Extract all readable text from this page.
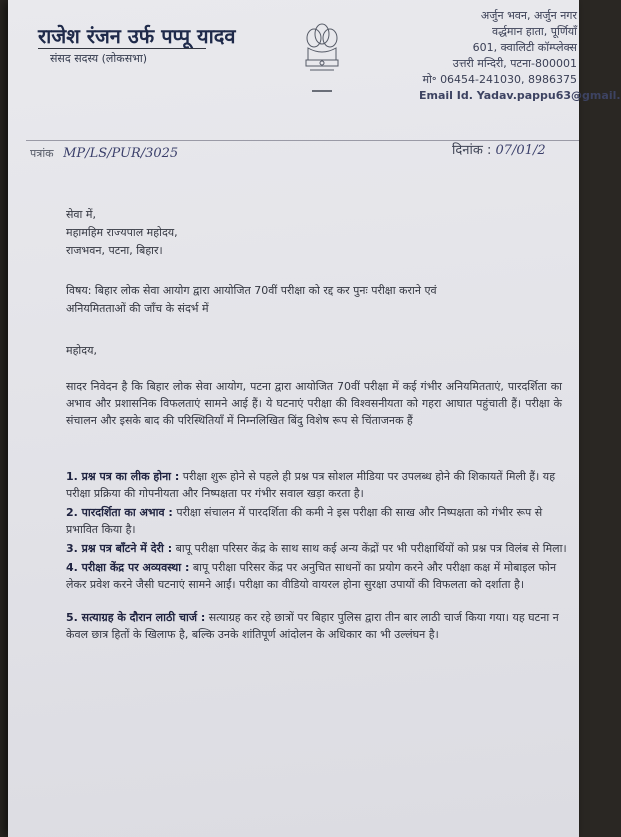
राजेश रंजन उर्फ पप्पू यादव
संसद सदस्य (लोकसभा)
अर्जुन भवन, अर्जुन नगर
वर्द्धमान हाता, पूर्णियाँ
601, क्वालिटी कॉम्प्लेक्स
उत्तरी मन्दिरी, पटना-800001
मो॰ 06454-241030, 8986375
Email Id. Yadav.pappu63@gmail.
पत्रांक MP/LS/PUR/3025	दिनांक : 07/01/2
सेवा में,
महामहिम राज्यपाल महोदय,
राजभवन, पटना, बिहार।
विषय: बिहार लोक सेवा आयोग द्वारा आयोजित 70वीं परीक्षा को रद्द कर पुनः परीक्षा कराने एवं
अनियमितताओं की जाँच के संदर्भ में
महोदय,
सादर निवेदन है कि बिहार लोक सेवा आयोग, पटना द्वारा आयोजित 70वीं परीक्षा में कई गंभीर अनियमितताएं, पारदर्शिता का अभाव और प्रशासनिक विफलताएं सामने आई हैं। ये घटनाएं परीक्षा की विश्वसनीयता को गहरा आघात पहुंचाती हैं। परीक्षा के संचालन और इसके बाद की परिस्थितियाँ में निम्नलिखित बिंदु विशेष रूप से चिंताजनक हैं
1. प्रश्न पत्र का लीक होना : परीक्षा शुरू होने से पहले ही प्रश्न पत्र सोशल मीडिया पर उपलब्ध होने की शिकायतें मिली हैं। यह परीक्षा प्रक्रिया की गोपनीयता और निष्पक्षता पर गंभीर सवाल खड़ा करता है।
2. पारदर्शिता का अभाव : परीक्षा संचालन में पारदर्शिता की कमी ने इस परीक्षा की साख और निष्पक्षता को गंभीर रूप से प्रभावित किया है।
3. प्रश्न पत्र बाँटने में देरी : बापू परीक्षा परिसर केंद्र के साथ साथ कई अन्य केंद्रों पर भी परीक्षार्थियों को प्रश्न पत्र विलंब से मिला।
4. परीक्षा केंद्र पर अव्यवस्था : बापू परीक्षा परिसर केंद्र पर अनुचित साधनों का प्रयोग करने और परीक्षा कक्ष में मोबाइल फोन लेकर प्रवेश करने जैसी घटनाएं सामने आईं। परीक्षा का वीडियो वायरल होना सुरक्षा उपायों की विफलता को दर्शाता है।
5. सत्याग्रह के दौरान लाठी चार्ज : सत्याग्रह कर रहे छात्रों पर बिहार पुलिस द्वारा तीन बार लाठी चार्ज किया गया। यह घटना न केवल छात्र हितों के खिलाफ है, बल्कि उनके शांतिपूर्ण आंदोलन के अधिकार का भी उल्लंघन है।
